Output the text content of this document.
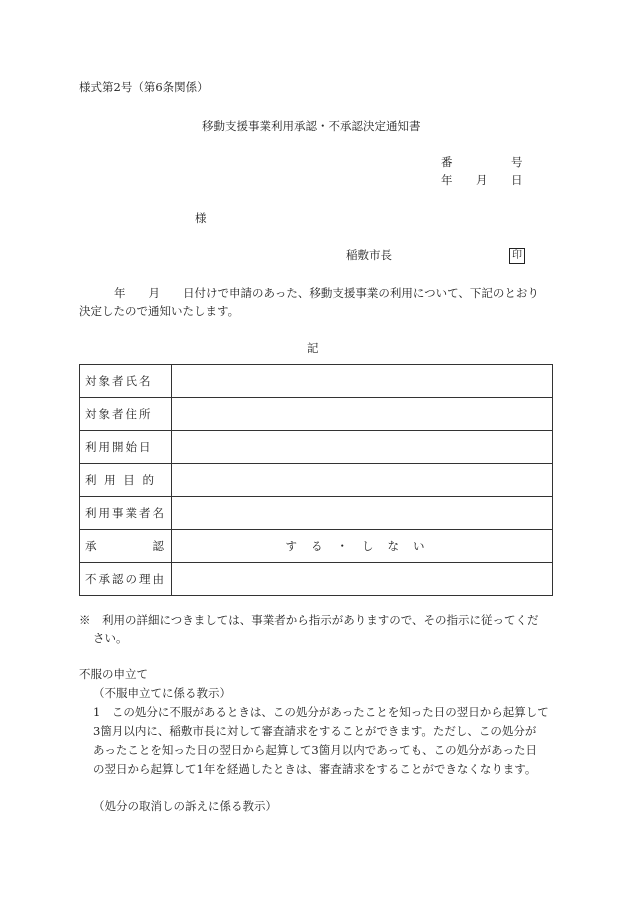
様式第2号（第6条関係）
移動支援事業利用承認・不承認決定通知書
番	号
年 月 日
様
稲敷市長	印
年　　月　　日付けで申請のあった、移動支援事業の利用について、下記のとおり
決定したので通知いたします。
記
対象者氏名	
対象者住所	
利用開始日	
利 用 目 的	
利用事業者名	
承　　　　認	する・しない
不承認の理由	
※　利用の詳細につきましては、事業者から指示がありますので、その指示に従ってくだ
さい。
不服の申立て
（不服申立てに係る教示）
1　この処分に不服があるときは、この処分があったことを知った日の翌日から起算して
3箇月以内に、稲敷市長に対して審査請求をすることができます。ただし、この処分が
あったことを知った日の翌日から起算して3箇月以内であっても、この処分があった日
の翌日から起算して1年を経過したときは、審査請求をすることができなくなります。
（処分の取消しの訴えに係る教示）
